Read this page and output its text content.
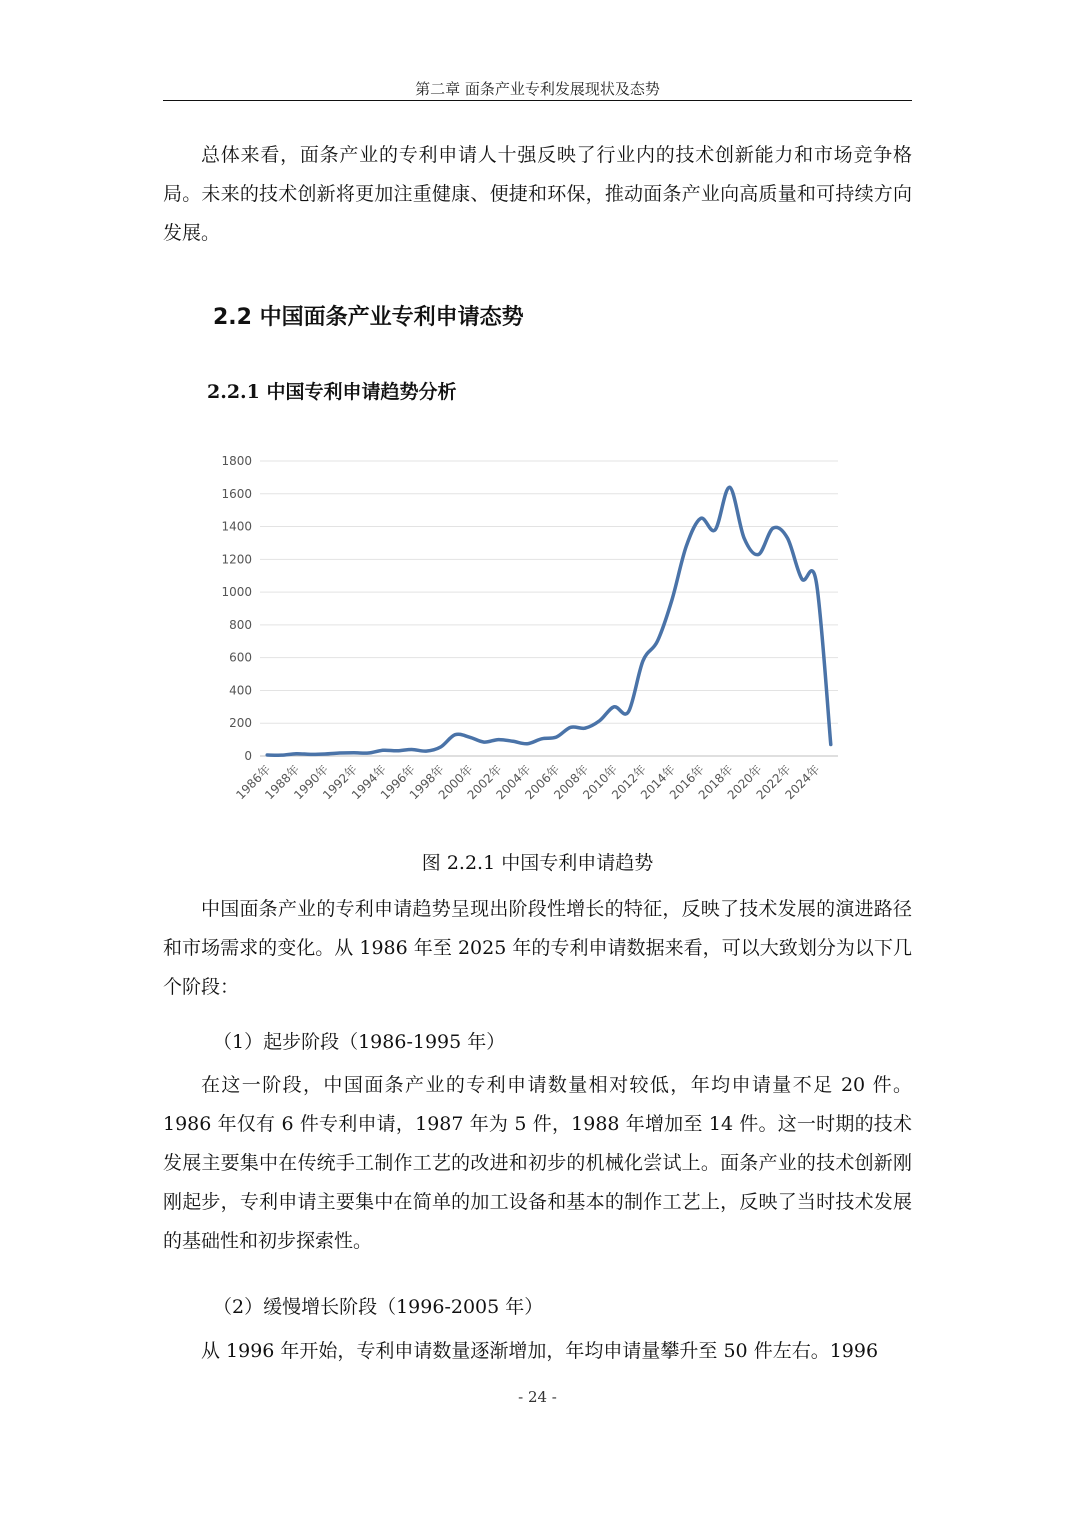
第二章 面条产业专利发展现状及态势

总体来看，面条产业的专利申请人十强反映了行业内的技术创新能力和市场竞争格局。未来的技术创新将更加注重健康、便捷和环保，推动面条产业向高质量和可持续方向发展。

2.2 中国面条产业专利申请态势
2.2.1 中国专利申请趋势分析
0
200
400
600
800
1000
1200
1400
1600
1800
1986年
1988年
1990年
1992年
1994年
1996年
1998年
2000年
2002年
2004年
2006年
2008年
2010年
2012年
2014年
2016年
2018年
2020年
2022年
2024年

图 2.2.1 中国专利申请趋势

中国面条产业的专利申请趋势呈现出阶段性增长的特征，反映了技术发展的演进路径和市场需求的变化。从 1986 年至 2025 年的专利申请数据来看，可以大致划分为以下几个阶段：

（1）起步阶段（1986-1995 年）

在这一阶段，中国面条产业的专利申请数量相对较低，年均申请量不足 20 件。1986 年仅有 6 件专利申请，1987 年为 5 件，1988 年增加至 14 件。这一时期的技术发展主要集中在传统手工制作工艺的改进和初步的机械化尝试上。面条产业的技术创新刚刚起步，专利申请主要集中在简单的加工设备和基本的制作工艺上，反映了当时技术发展的基础性和初步探索性。

（2）缓慢增长阶段（1996-2005 年）

从 1996 年开始，专利申请数量逐渐增加，年均申请量攀升至 50 件左右。1996

- 24 -
